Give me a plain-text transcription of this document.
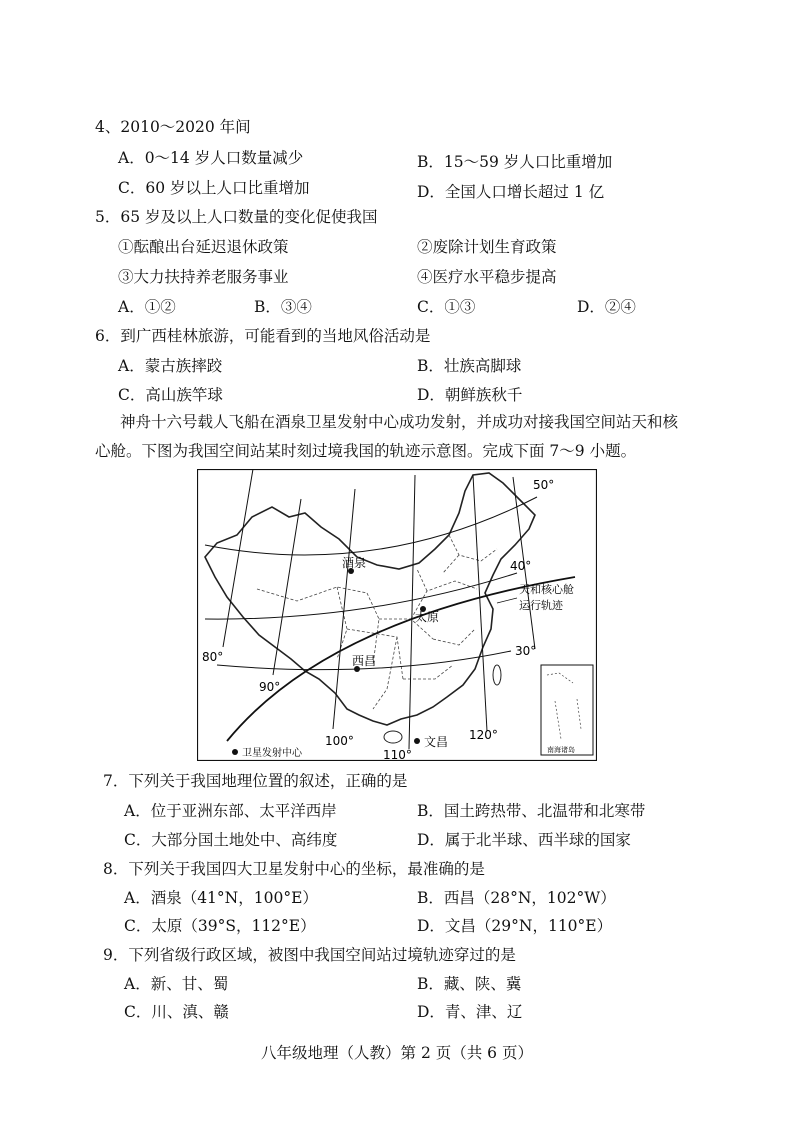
4、2010～2020 年间
A．0～14 岁人口数量减少	B．15～59 岁人口比重增加
C．60 岁以上人口比重增加	D．全国人口增长超过 1 亿
5．65 岁及以上人口数量的变化促使我国
①酝酿出台延迟退休政策	②废除计划生育政策
③大力扶持养老服务事业	④医疗水平稳步提高
A．①②	B．③④	C．①③	D．②④
6．到广西桂林旅游，可能看到的当地风俗活动是
A．蒙古族摔跤	B．壮族高脚球
C．高山族竿球	D．朝鲜族秋千
神舟十六号载人飞船在酒泉卫星发射中心成功发射，并成功对接我国空间站天和核
心舱。下图为我国空间站某时刻过境我国的轨迹示意图。完成下面 7～9 小题。
50°
40°
30°
80°
90°
100°
110°
120°
酒泉
太原
西昌
文昌
天和核心舱
运行轨迹
卫星发射中心	南海诸岛
7．下列关于我国地理位置的叙述，正确的是
A．位于亚洲东部、太平洋西岸	B．国土跨热带、北温带和北寒带
C．大部分国土地处中、高纬度	D．属于北半球、西半球的国家
8．下列关于我国四大卫星发射中心的坐标，最准确的是
A．酒泉（41°N，100°E）	B．西昌（28°N，102°W）
C．太原（39°S，112°E）	D．文昌（29°N，110°E）
9．下列省级行政区域，被图中我国空间站过境轨迹穿过的是
A．新、甘、蜀	B．藏、陕、冀
C．川、滇、赣	D．青、津、辽
八年级地理（人教）第 2 页（共 6 页）
